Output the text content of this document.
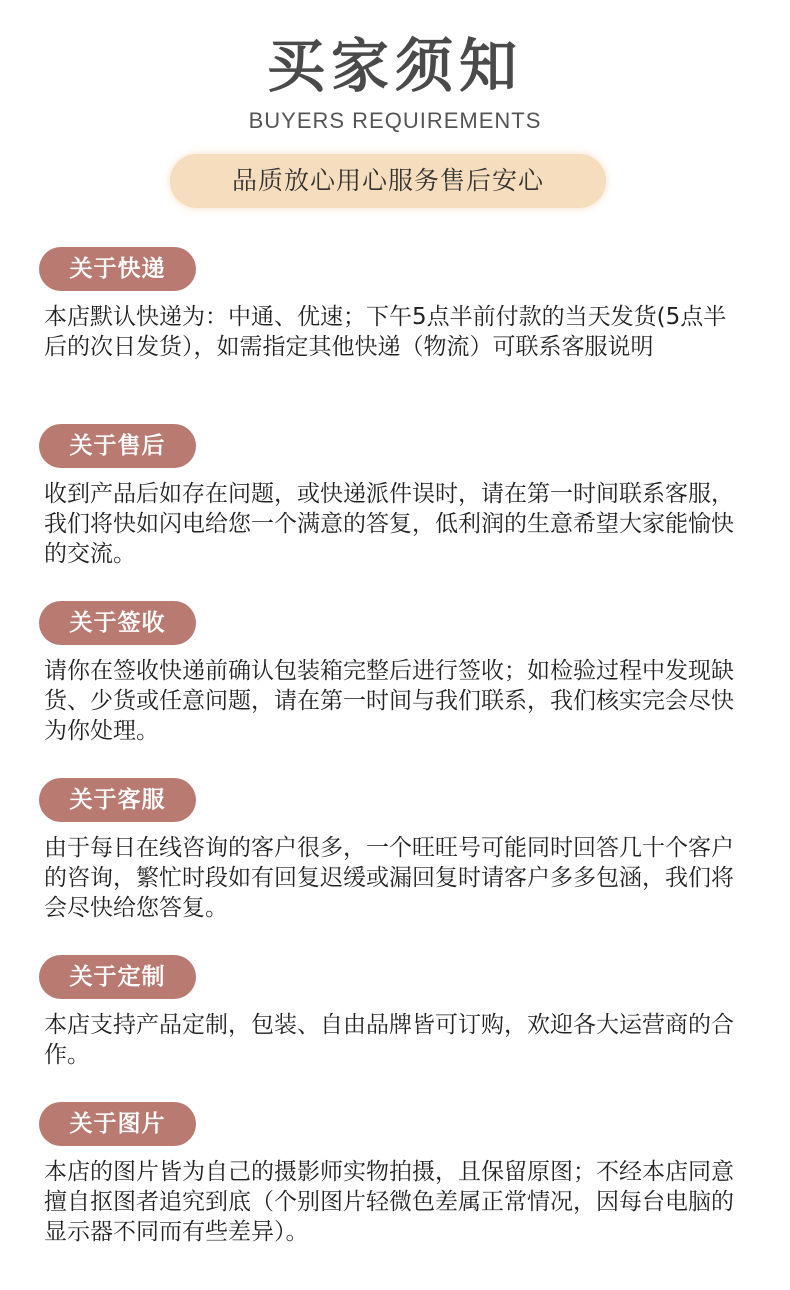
买家须知
BUYERS REQUIREMENTS
品质放心用心服务售后安心
关于快递
本店默认快递为：中通、优速；下午5点半前付款的当天发货(5点半后的次日发货），如需指定其他快递（物流）可联系客服说明
关于售后
收到产品后如存在问题，或快递派件误时，请在第一时间联系客服，我们将快如闪电给您一个满意的答复，低利润的生意希望大家能愉快的交流。
关于签收
请你在签收快递前确认包装箱完整后进行签收；如检验过程中发现缺货、少货或任意问题，请在第一时间与我们联系，我们核实完会尽快为你处理。
关于客服
由于每日在线咨询的客户很多，一个旺旺号可能同时回答几十个客户的咨询，繁忙时段如有回复迟缓或漏回复时请客户多多包涵，我们将会尽快给您答复。
关于定制
本店支持产品定制，包装、自由品牌皆可订购，欢迎各大运营商的合作。
关于图片
本店的图片皆为自己的摄影师实物拍摄，且保留原图；不经本店同意擅自抠图者追究到底（个别图片轻微色差属正常情况，因每台电脑的显示器不同而有些差异）。
